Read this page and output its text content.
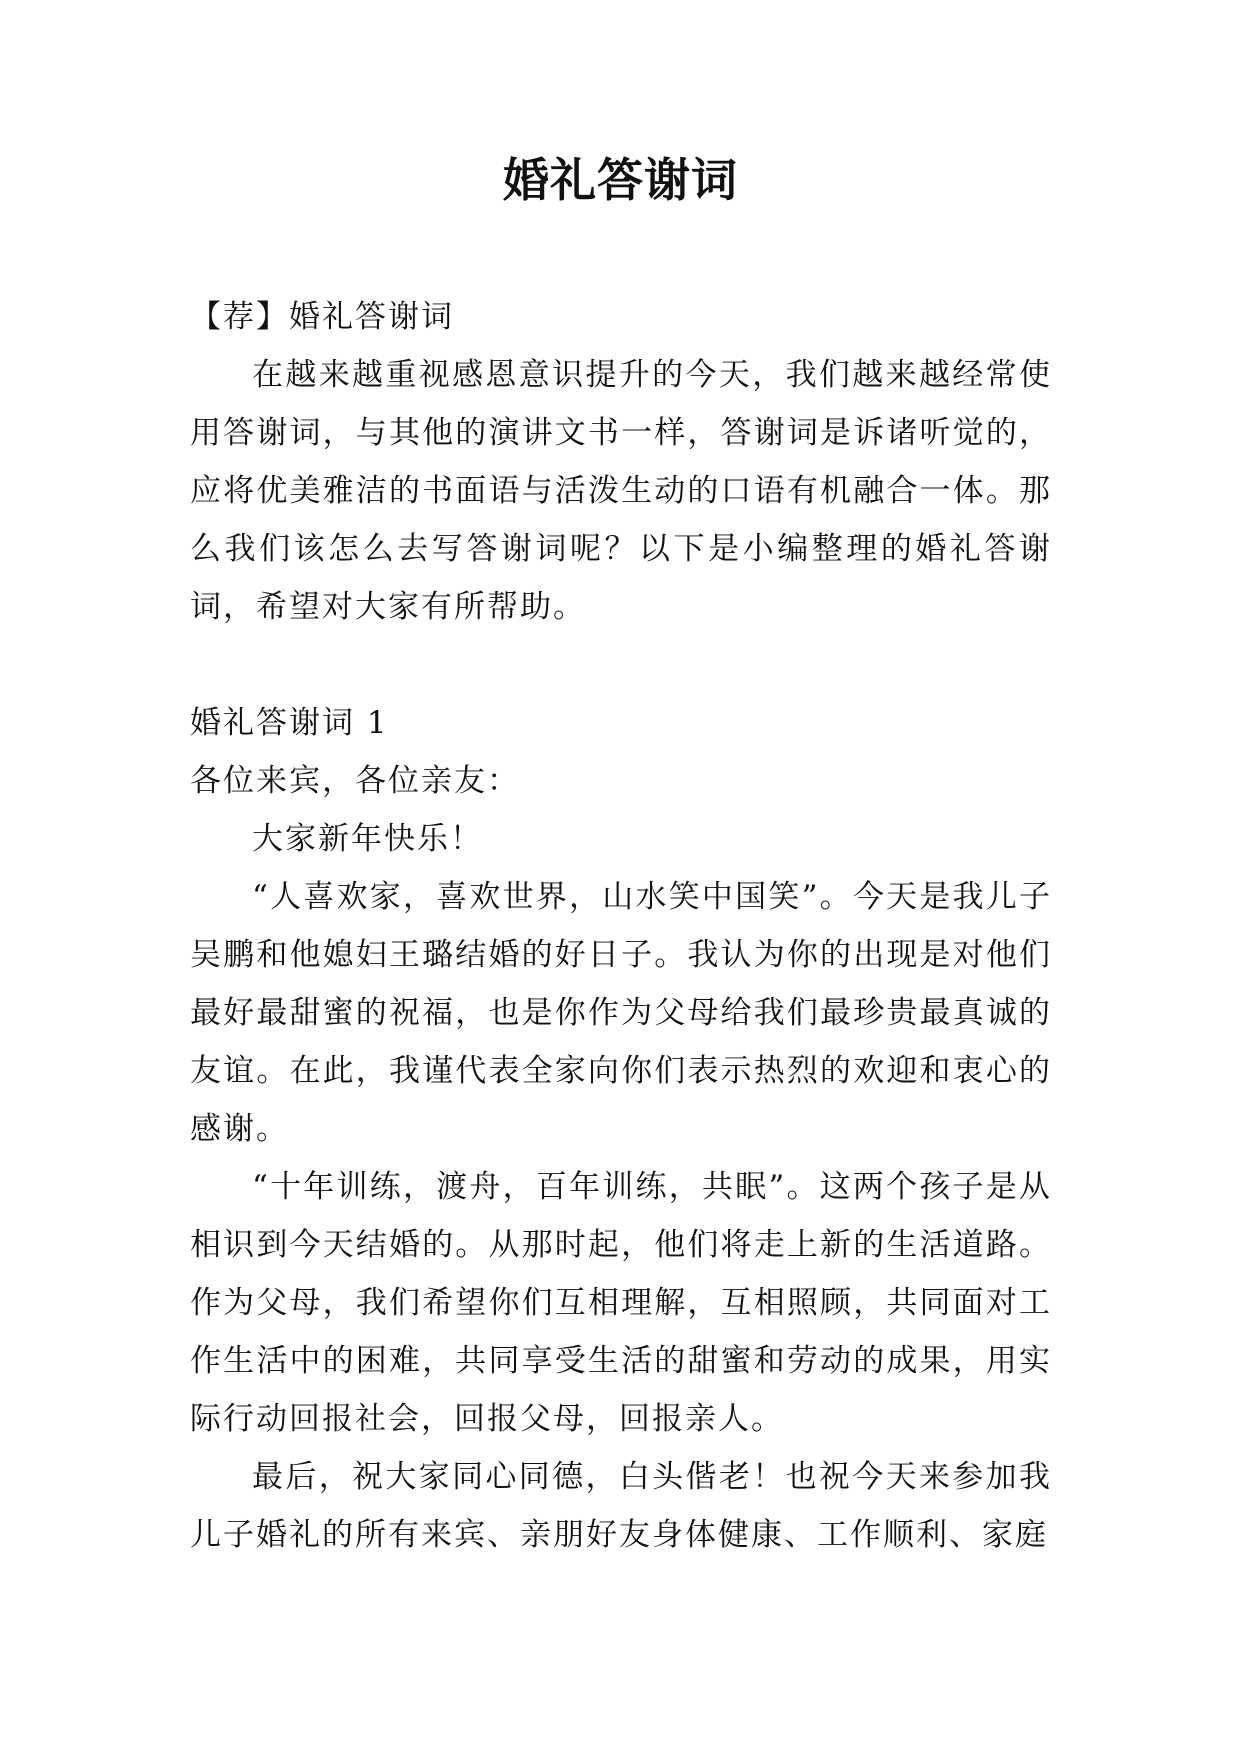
婚礼答谢词

【荐】婚礼答谢词

在越来越重视感恩意识提升的今天，我们越来越经常使用答谢词，与其他的演讲文书一样，答谢词是诉诸听觉的，应将优美雅洁的书面语与活泼生动的口语有机融合一体。那么我们该怎么去写答谢词呢？以下是小编整理的婚礼答谢词，希望对大家有所帮助。

婚礼答谢词 1

各位来宾，各位亲友：

大家新年快乐！

“人喜欢家，喜欢世界，山水笑中国笑”。今天是我儿子吴鹏和他媳妇王璐结婚的好日子。我认为你的出现是对他们最好最甜蜜的祝福，也是你作为父母给我们最珍贵最真诚的友谊。在此，我谨代表全家向你们表示热烈的欢迎和衷心的感谢。

“十年训练，渡舟，百年训练，共眠”。这两个孩子是从相识到今天结婚的。从那时起，他们将走上新的生活道路。作为父母，我们希望你们互相理解，互相照顾，共同面对工作生活中的困难，共同享受生活的甜蜜和劳动的成果，用实际行动回报社会，回报父母，回报亲人。

最后，祝大家同心同德，白头偕老！也祝今天来参加我儿子婚礼的所有来宾、亲朋好友身体健康、工作顺利、家庭
